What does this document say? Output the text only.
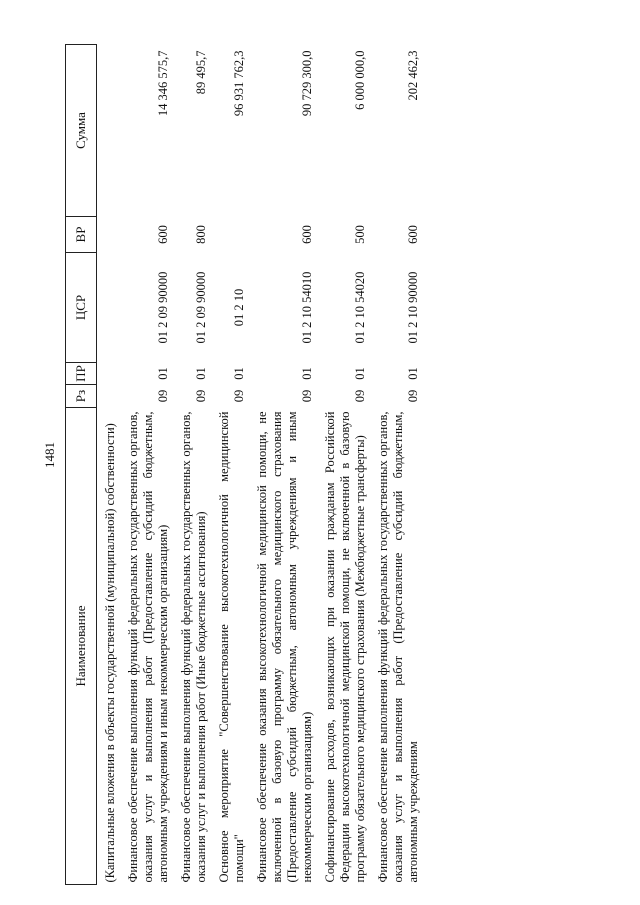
1481
Наименование	Рз	ПР	ЦСР	ВР	Сумма
(Капитальные вложения в объекты государственной (муниципальной) собственности)					
Финансовое обеспечение выполнения функций федеральных государственных органов, оказания услуг и выполнения работ (Предоставление субсидий бюджетным, автономным учреждениям и иным некоммерческим организациям)	09	01	01 2 09 90000	600	14 346 575,7
Финансовое обеспечение выполнения функций федеральных государственных органов, оказания услуг и выполнения работ (Иные бюджетные ассигнования)	09	01	01 2 09 90000	800	89 495,7
Основное мероприятие "Совершенствование высокотехнологичной медицинской помощи"	09	01	01 2 10		96 931 762,3
Финансовое обеспечение оказания высокотехнологичной медицинской помощи, не включенной в базовую программу обязательного медицинского страхования (Предоставление субсидий бюджетным, автономным учреждениям и иным некоммерческим организациям)	09	01	01 2 10 54010	600	90 729 300,0
Софинансирование расходов, возникающих при оказании гражданам Российской Федерации высокотехнологичной медицинской помощи, не включенной в базовую программу обязательного медицинского страхования (Межбюджетные трансферты)	09	01	01 2 10 54020	500	6 000 000,0
Финансовое обеспечение выполнения функций федеральных государственных органов, оказания услуг и выполнения работ (Предоставление субсидий бюджетным, автономным учреждениям	09	01	01 2 10 90000	600	202 462,3
